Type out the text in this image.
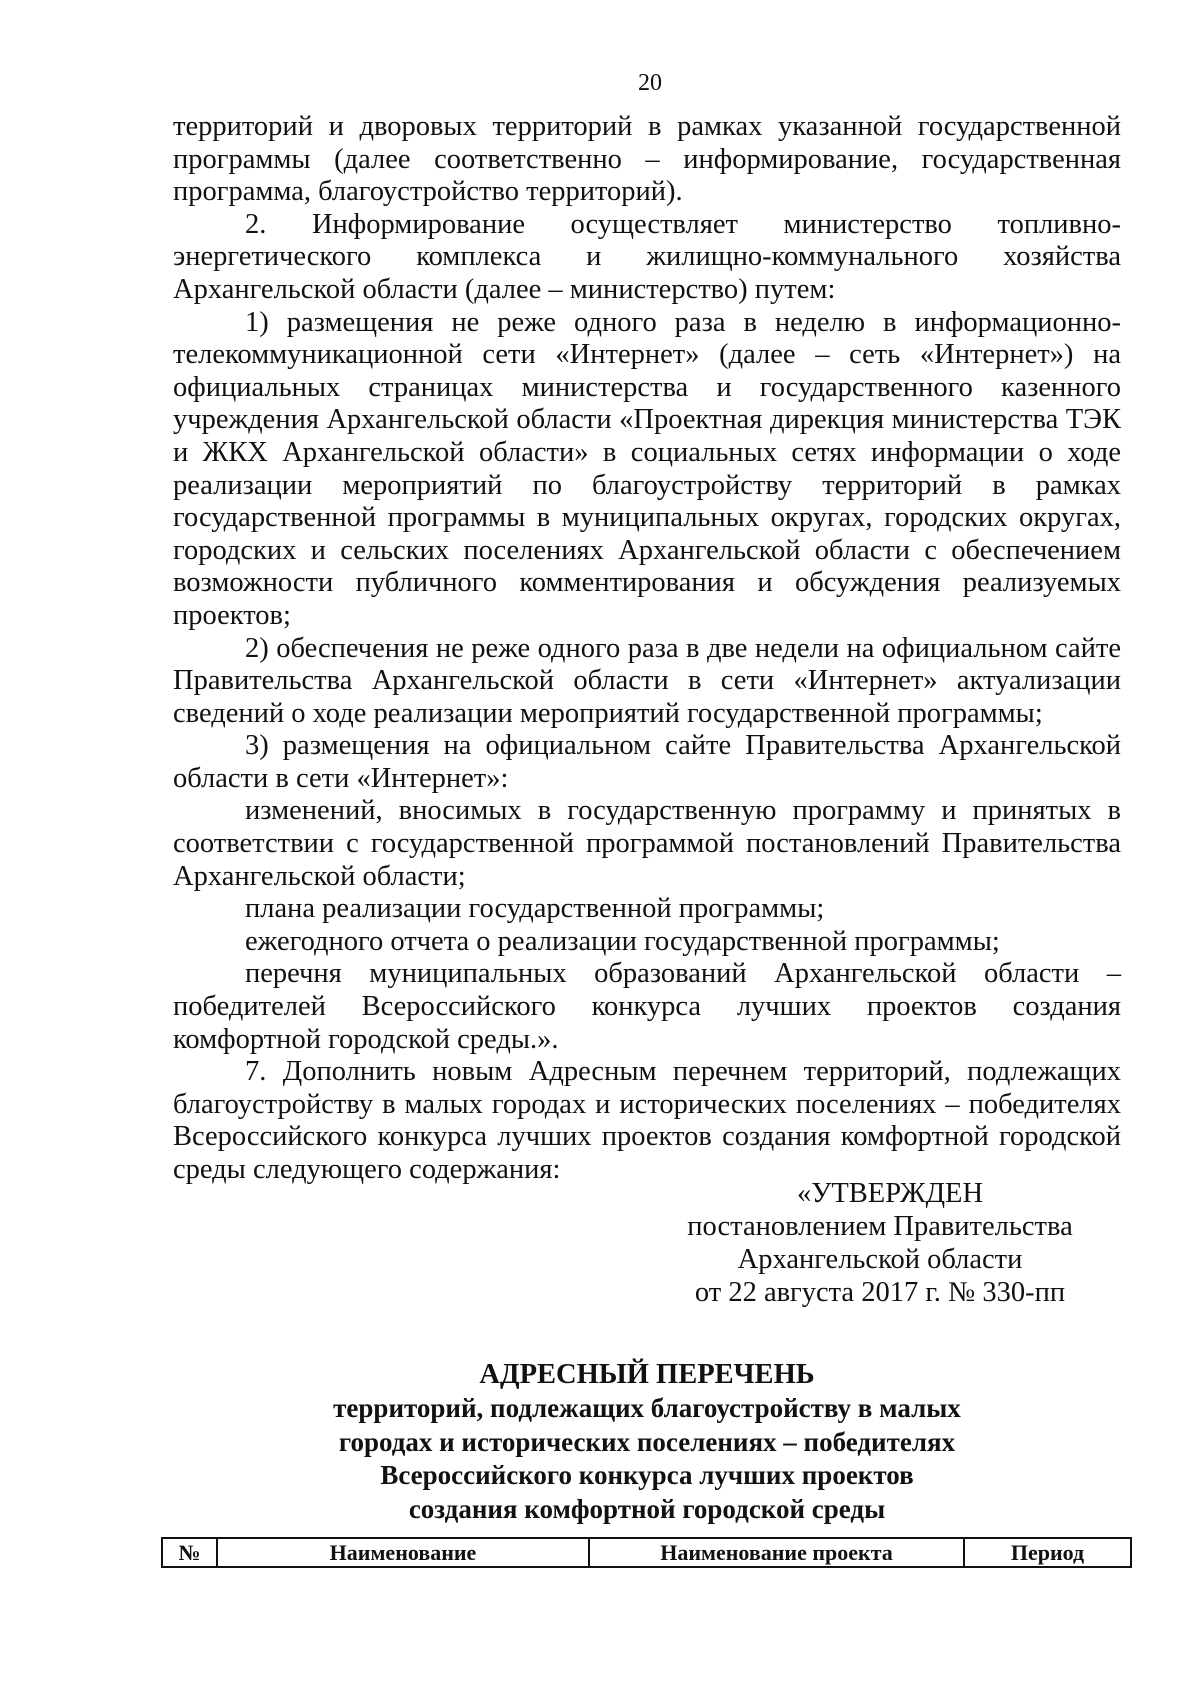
20

территорий и дворовых территорий в рамках указанной государственной программы (далее соответственно – информирование, государственная программа, благоустройство территорий).

2. Информирование осуществляет министерство топливно-энергетического комплекса и жилищно-коммунального хозяйства Архангельской области (далее – министерство) путем:

1) размещения не реже одного раза в неделю в информационно-телекоммуникационной сети «Интернет» (далее – сеть «Интернет») на официальных страницах министерства и государственного казенного учреждения Архангельской области «Проектная дирекция министерства ТЭК и ЖКХ Архангельской области» в социальных сетях информации о ходе реализации мероприятий по благоустройству территорий в рамках государственной программы в муниципальных округах, городских округах, городских и сельских поселениях Архангельской области с обеспечением возможности публичного комментирования и обсуждения реализуемых проектов;

2) обеспечения не реже одного раза в две недели на официальном сайте Правительства Архангельской области в сети «Интернет» актуализации сведений о ходе реализации мероприятий государственной программы;

3) размещения на официальном сайте Правительства Архангельской области в сети «Интернет»:

изменений, вносимых в государственную программу и принятых в соответствии с государственной программой постановлений Правительства Архангельской области;

плана реализации государственной программы;

ежегодного отчета о реализации государственной программы;

перечня муниципальных образований Архангельской области – победителей Всероссийского конкурса лучших проектов создания комфортной городской среды.».

7. Дополнить новым Адресным перечнем территорий, подлежащих благоустройству в малых городах и исторических поселениях – победителях Всероссийского конкурса лучших проектов создания комфортной городской среды следующего содержания:

«УТВЕРЖДЕН
постановлением Правительства
Архангельской области
от 22 августа 2017 г. № 330-пп
АДРЕСНЫЙ ПЕРЕЧЕНЬ
территорий, подлежащих благоустройству в малых
городах и исторических поселениях – победителях
Всероссийского конкурса лучших проектов
создания комфортной городской среды
№	Наименование	Наименование проекта	Период
